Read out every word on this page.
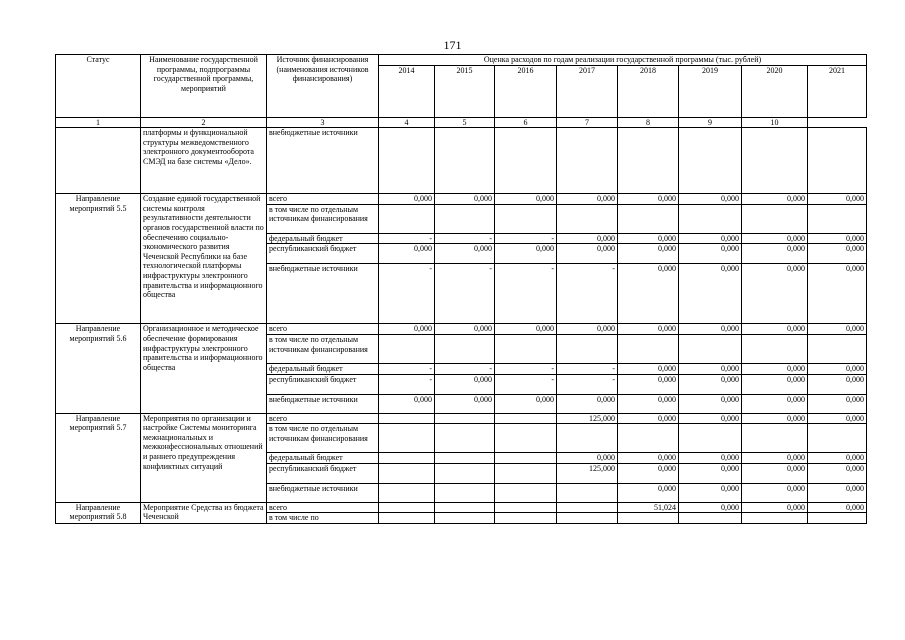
171
Статус	Наименование государственной программы, подпрограммы государственной программы, мероприятий	Источник финансирования (наименования источников финансирования)	Оценка расходов по годам реализации государственной программы (тыс. рублей)							
			2014	2015	2016	2017	2018	2019	2020	2021
1	2	3	4	5	6	7	8	9	10	
	платформы и функциональной структуры межведомственного электронного документооборота СМЭД на базе системы «Дело».	внебюджетные источники								
Направление мероприятий 5.5	Создание единой государственной системы контроля результативности деятельности органов государственной власти по обеспечению социально-экономического развития Чеченской Республики на базе технологической платформы инфраструктуры электронного правительства и информационного общества	всего	0,000	0,000	0,000	0,000	0,000	0,000	0,000	0,000
		в том числе по отдельным источникам финансирования								
		федеральный бюджет	-	-	-	0,000	0,000	0,000	0,000	0,000
		республиканский бюджет	0,000	0,000	0,000	0,000	0,000	0,000	0,000	0,000
		внебюджетные источники	-	-	-	-	0,000	0,000	0,000	0,000
Направление мероприятий 5.6	Организационное и методическое обеспечение формирования инфраструктуры электронного правительства и информационного общества	всего	0,000	0,000	0,000	0,000	0,000	0,000	0,000	0,000
		в том числе по отдельным источникам финансирования								
		федеральный бюджет	-	-	-	-	0,000	0,000	0,000	0,000
		республиканский бюджет	-	0,000	-	-	0,000	0,000	0,000	0,000
		внебюджетные источники	0,000	0,000	0,000	0,000	0,000	0,000	0,000	0,000
Направление мероприятий 5.7	Мероприятия по организации и настройке Системы мониторинга межнациональных и межконфессиональных отношений и раннего предупреждения конфликтных ситуаций	всего				125,000	0,000	0,000	0,000	0,000
		в том числе по отдельным источникам финансирования								
		федеральный бюджет				0,000	0,000	0,000	0,000	0,000
		республиканский бюджет				125,000	0,000	0,000	0,000	0,000
		внебюджетные источники					0,000	0,000	0,000	0,000
Направление мероприятий 5.8	Мероприятие Средства из бюджета Чеченской	всего					51,024	0,000	0,000	0,000
		в том числе по								
